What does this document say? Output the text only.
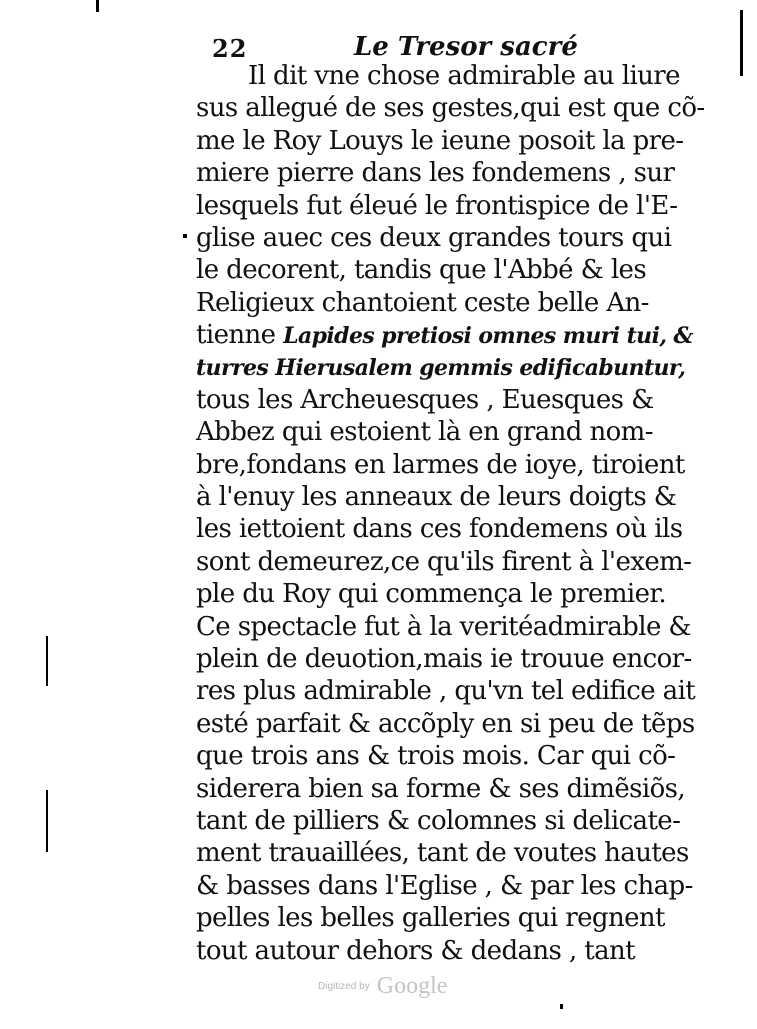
22	Le Tresor sacré
Il dit vne chose admirable au liure
sus allegué de ses gestes,qui est que cõ-
me le Roy Louys le ieune posoit la pre-
miere pierre dans les fondemens , sur
lesquels fut éleué le frontispice de l'E-
glise auec ces deux grandes tours qui
le decorent, tandis que l'Abbé & les
Religieux chantoient ceste belle An-
tienne Lapides pretiosi omnes muri tui, &
turres Hierusalem gemmis edificabuntur,
tous les Archeuesques , Euesques &
Abbez qui estoient là en grand nom-
bre,fondans en larmes de ioye, tiroient
à l'enuy les anneaux de leurs doigts &
les iettoient dans ces fondemens où ils
sont demeurez,ce qu'ils firent à l'exem-
ple du Roy qui commença le premier.
Ce spectacle fut à la veritéadmirable &
plein de deuotion,mais ie trouue encor-
res plus admirable , qu'vn tel edifice ait
esté parfait & accõply en si peu de tẽps
que trois ans & trois mois. Car qui cõ-
siderera bien sa forme & ses dimẽsiõs,
tant de pilliers & colomnes si delicate-
ment trauaillées, tant de voutes hautes
& basses dans l'Eglise , & par les chap-
pelles les belles galleries qui regnent
tout autour dehors & dedans , tant
Digitized by Google
